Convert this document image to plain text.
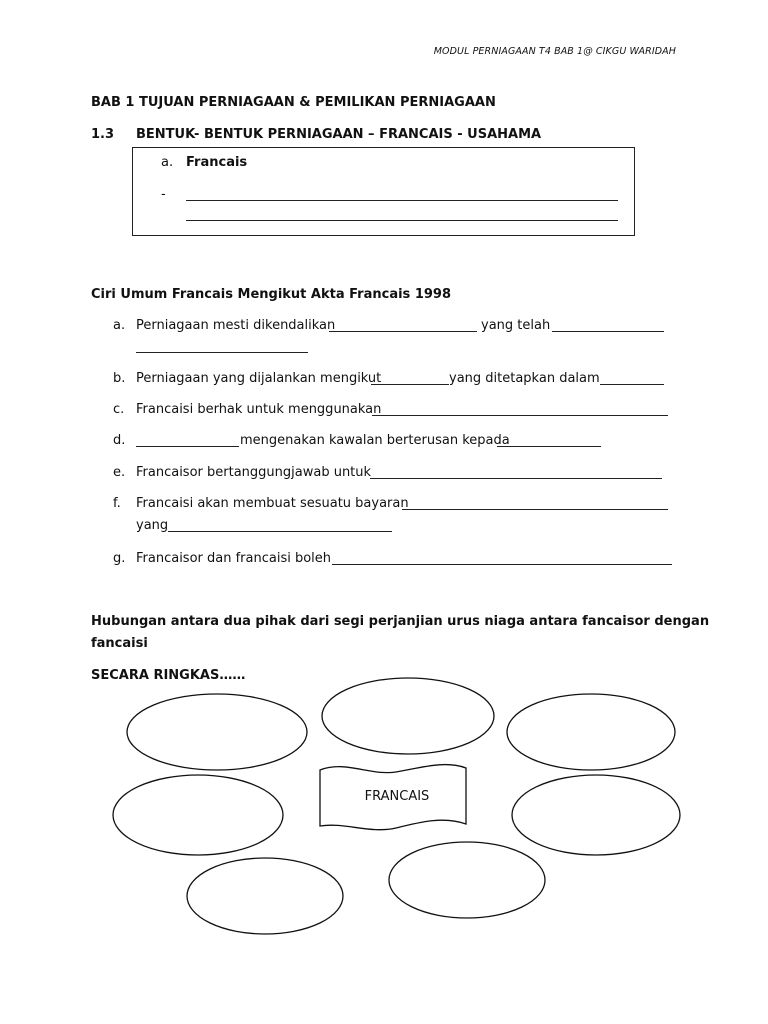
MODUL PERNIAGAAN T4 BAB 1@ CIKGU WARIDAH
BAB 1 TUJUAN PERNIAGAAN & PEMILIKAN PERNIAGAAN
1.3 BENTUK- BENTUK PERNIAGAAN – FRANCAIS - USAHAMA
a. Francais
-
Ciri Umum Francais Mengikut Akta Francais 1998
a. Perniagaan mesti dikendalikan	yang telah
b. Perniagaan yang dijalankan mengikut	yang ditetapkan dalam
c. Francaisi berhak untuk menggunakan
d.	mengenakan kawalan berterusan kepada
e. Francaisor bertanggungjawab untuk
f. Francaisi akan membuat sesuatu bayaran
yang
g. Francaisor dan francaisi boleh
Hubungan antara dua pihak dari segi perjanjian urus niaga antara fancaisor dengan
fancaisi
SECARA RINGKAS……
FRANCAIS
